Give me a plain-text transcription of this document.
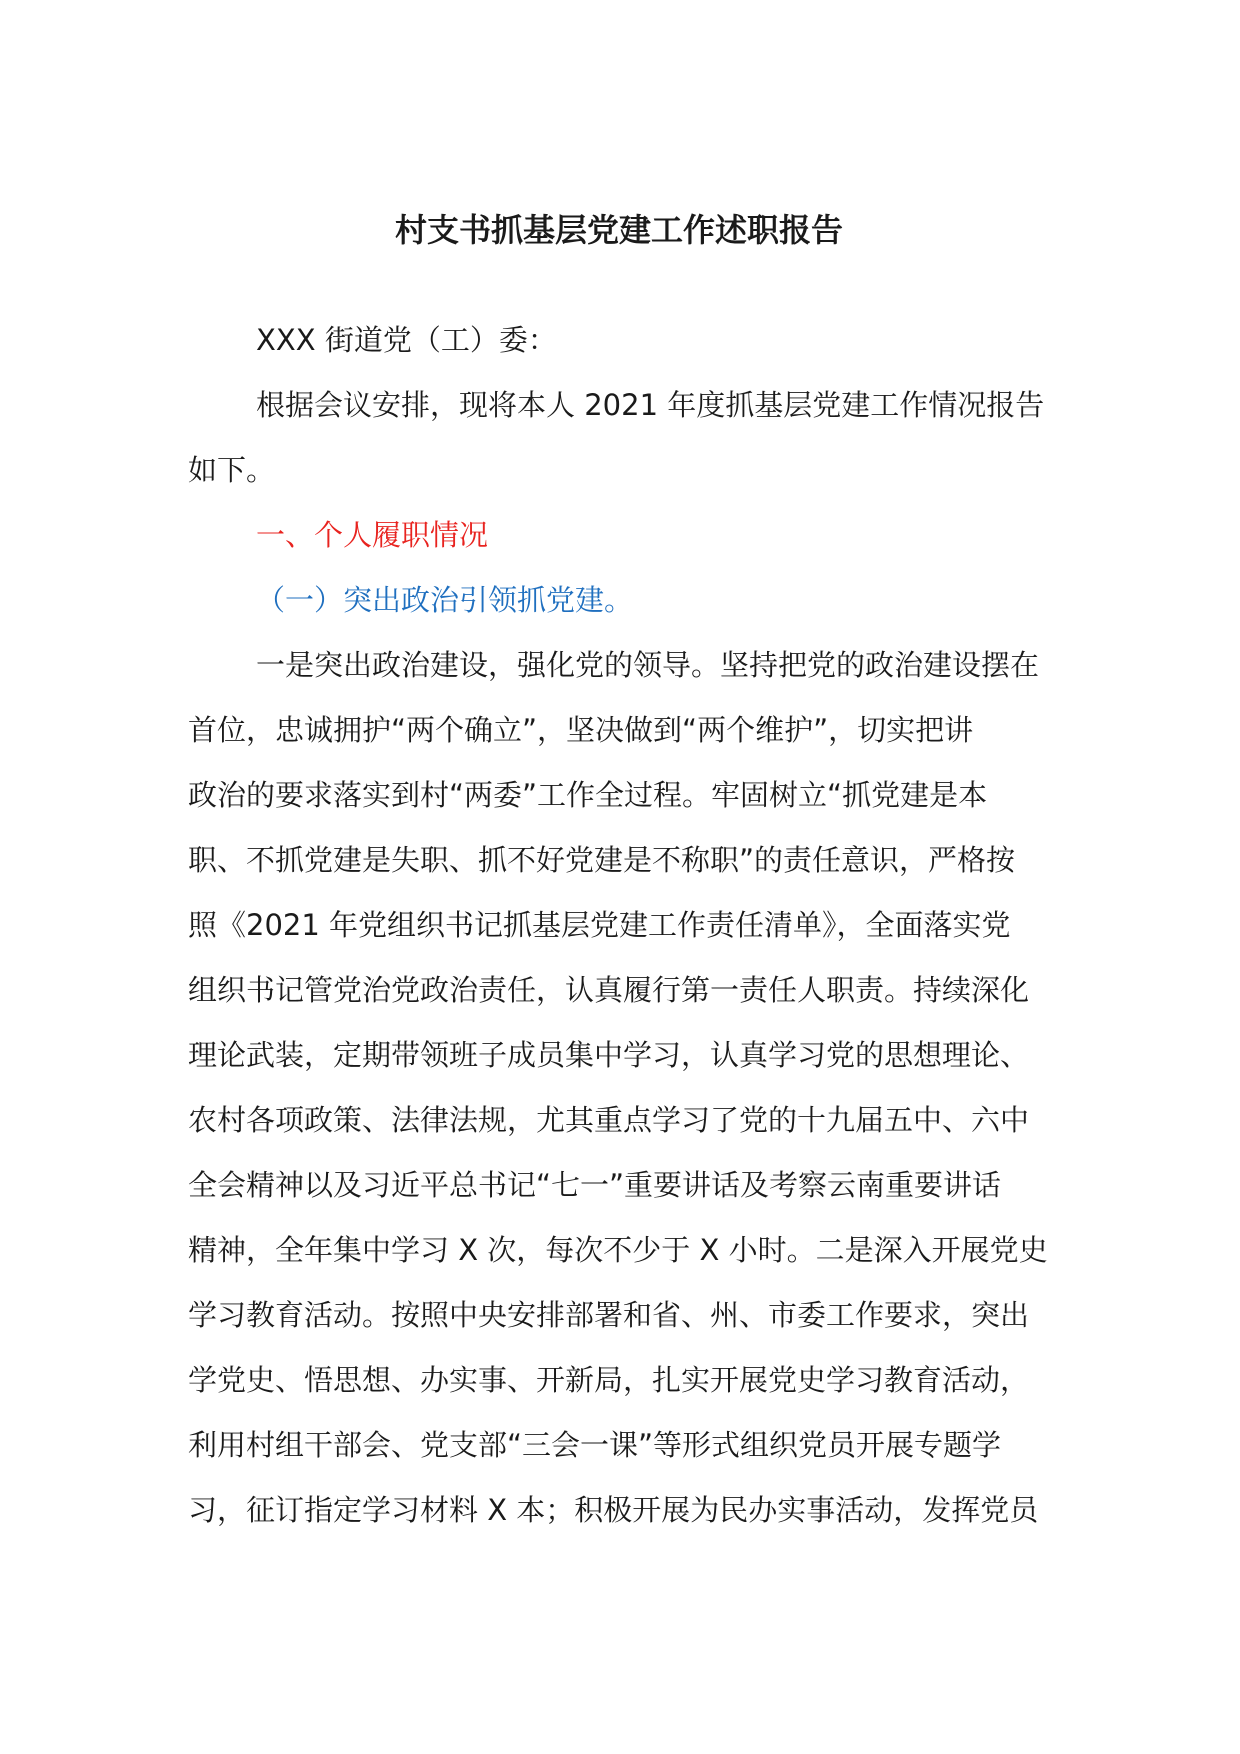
村支书抓基层党建工作述职报告
XXX 街道党（工）委：
根据会议安排，现将本人 2021 年度抓基层党建工作情况报告
如下。
一、个人履职情况
（一）突出政治引领抓党建。
一是突出政治建设，强化党的领导。坚持把党的政治建设摆在
首位，忠诚拥护“两个确立”，坚决做到“两个维护”，切实把讲
政治的要求落实到村“两委”工作全过程。牢固树立“抓党建是本
职、不抓党建是失职、抓不好党建是不称职”的责任意识，严格按
照《2021 年党组织书记抓基层党建工作责任清单》，全面落实党
组织书记管党治党政治责任，认真履行第一责任人职责。持续深化
理论武装，定期带领班子成员集中学习，认真学习党的思想理论、
农村各项政策、法律法规，尤其重点学习了党的十九届五中、六中
全会精神以及习近平总书记“七一”重要讲话及考察云南重要讲话
精神，全年集中学习 X 次，每次不少于 X 小时。二是深入开展党史
学习教育活动。按照中央安排部署和省、州、市委工作要求，突出
学党史、悟思想、办实事、开新局，扎实开展党史学习教育活动，
利用村组干部会、党支部“三会一课”等形式组织党员开展专题学
习，征订指定学习材料 X 本；积极开展为民办实事活动，发挥党员
